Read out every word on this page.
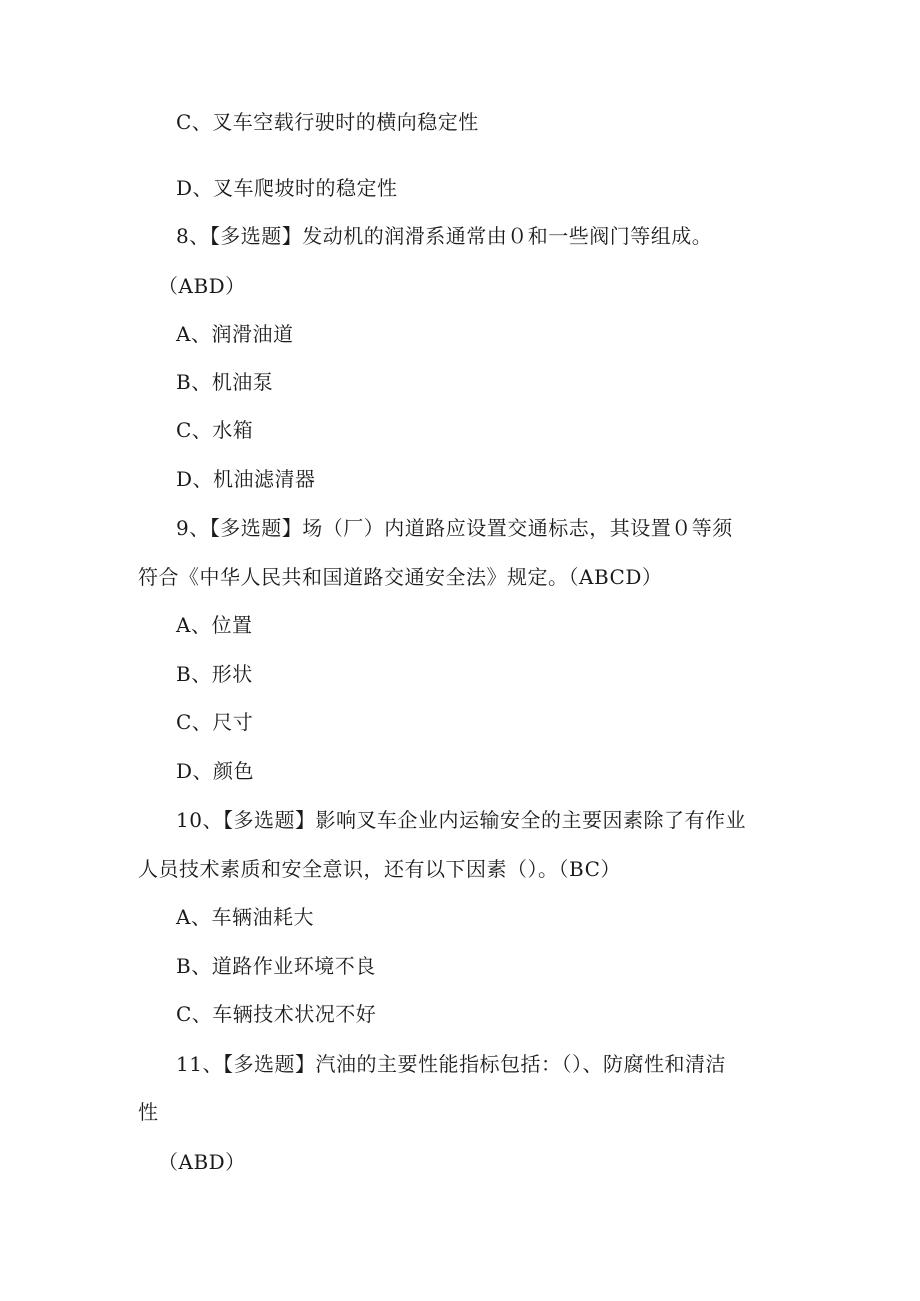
C、叉车空载行驶时的横向稳定性
D、叉车爬坡时的稳定性
8、【多选题】发动机的润滑系通常由０和一些阀门等组成。
（ABD）
A、润滑油道
B、机油泵
C、水箱
D、机油滤清器
9、【多选题】场（厂）内道路应设置交通标志，其设置０等须
符合《中华人民共和国道路交通安全法》规定。（ABCD）
A、位置
B、形状
C、尺寸
D、颜色
10、【多选题】影响叉车企业内运输安全的主要因素除了有作业
人员技术素质和安全意识，还有以下因素（）。（BC）
A、车辆油耗大
B、道路作业环境不良
C、车辆技术状况不好
11、【多选题】汽油的主要性能指标包括：（）、防腐性和清洁
性
（ABD）
